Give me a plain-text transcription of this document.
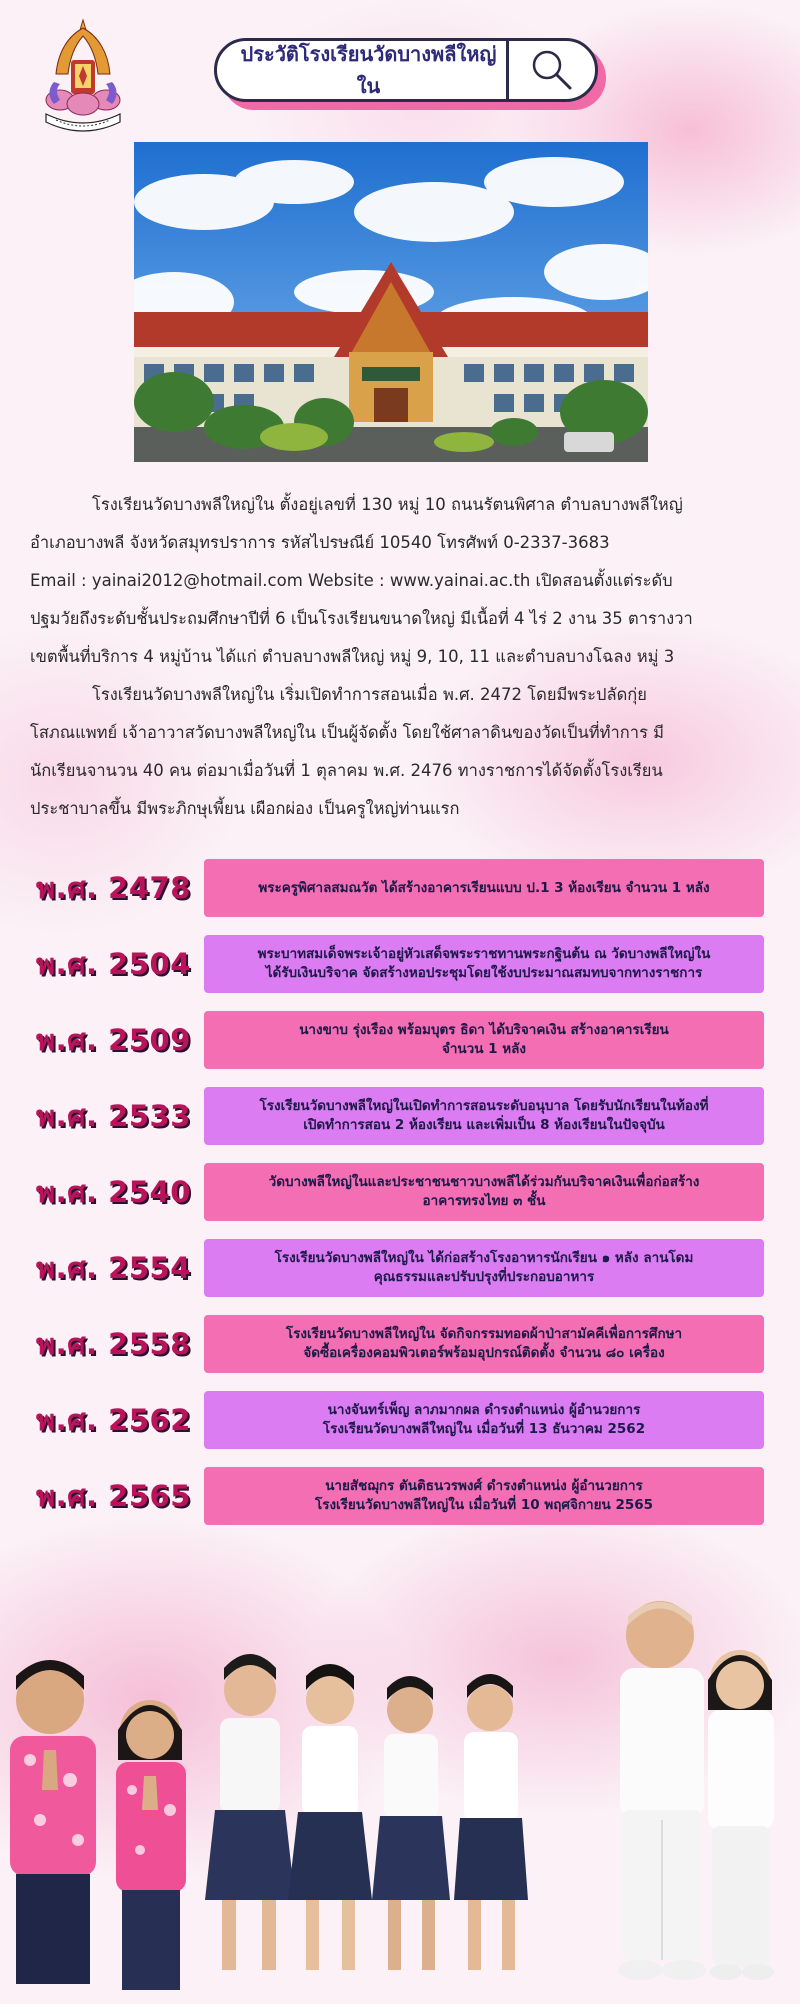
ประวัติโรงเรียนวัดบางพลีใหญ่ใน

โรงเรียนวัดบางพลีใหญ่ใน ตั้งอยู่เลขที่ 130 หมู่ 10 ถนนรัตนพิศาล ตำบลบางพลีใหญ่

อำเภอบางพลี จังหวัดสมุทรปราการ รหัสไปรษณีย์ 10540 โทรศัพท์ 0-2337-3683

Email : yainai2012@hotmail.com Website : www.yainai.ac.th เปิดสอนตั้งแต่ระดับ

ปฐมวัยถึงระดับชั้นประถมศึกษาปีที่ 6 เป็นโรงเรียนขนาดใหญ่ มีเนื้อที่ 4 ไร่ 2 งาน 35 ตารางวา

เขตพื้นที่บริการ 4 หมู่บ้าน ได้แก่ ตำบลบางพลีใหญ่ หมู่ 9, 10, 11 และตำบลบางโฉลง หมู่ 3

โรงเรียนวัดบางพลีใหญ่ใน เริ่มเปิดทำการสอนเมื่อ พ.ศ. 2472 โดยมีพระปลัดกุ่ย

โสภณแพทย์ เจ้าอาวาสวัดบางพลีใหญ่ใน เป็นผู้จัดตั้ง โดยใช้ศาลาดินของวัดเป็นที่ทำการ มี

นักเรียนจานวน 40 คน ต่อมาเมื่อวันที่ 1 ตุลาคม พ.ศ. 2476 ทางราชการได้จัดตั้งโรงเรียน

ประชาบาลขึ้น มีพระภิกษุเพี้ยน เผือกผ่อง เป็นครูใหญ่ท่านแรก

พ.ศ. 2478	พระครูพิศาลสมณวัต ได้สร้างอาคารเรียนแบบ ป.1 3 ห้องเรียน จำนวน 1 หลัง
พ.ศ. 2504	พระบาทสมเด็จพระเจ้าอยู่หัวเสด็จพระราชทานพระกฐินต้น ณ วัดบางพลีใหญ่ใน
ได้รับเงินบริจาค จัดสร้างหอประชุมโดยใช้งบประมาณสมทบจากทางราชการ
พ.ศ. 2509	นางขาบ รุ่งเรือง พร้อมบุตร ธิดา ได้บริจาคเงิน สร้างอาคารเรียน
จำนวน 1 หลัง
พ.ศ. 2533	โรงเรียนวัดบางพลีใหญ่ในเปิดทำการสอนระดับอนุบาล โดยรับนักเรียนในท้องที่
เปิดทำการสอน 2 ห้องเรียน และเพิ่มเป็น 8 ห้องเรียนในปัจจุบัน
พ.ศ. 2540	วัดบางพลีใหญ่ในและประชาชนชาวบางพลีได้ร่วมกันบริจาคเงินเพื่อก่อสร้าง
อาคารทรงไทย ๓ ชั้น
พ.ศ. 2554	โรงเรียนวัดบางพลีใหญ่ใน ได้ก่อสร้างโรงอาหารนักเรียน ๑ หลัง ลานโดม
คุณธรรมและปรับปรุงที่ประกอบอาหาร
พ.ศ. 2558	โรงเรียนวัดบางพลีใหญ่ใน จัดกิจกรรมทอดผ้าป่าสามัคคีเพื่อการศึกษา
จัดซื้อเครื่องคอมพิวเตอร์พร้อมอุปกรณ์ติดตั้ง จำนวน ๘๐ เครื่อง
พ.ศ. 2562	นางจันทร์เพ็ญ ลาภมากผล ดำรงตำแหน่ง ผู้อำนวยการ
โรงเรียนวัดบางพลีใหญ่ใน เมื่อวันที่ 13 ธันวาคม 2562
พ.ศ. 2565	นายสัชฌุกร ตันติธนวรพงศ์ ดำรงตำแหน่ง ผู้อำนวยการ
โรงเรียนวัดบางพลีใหญ่ใน เมื่อวันที่ 10 พฤศจิกายน 2565
